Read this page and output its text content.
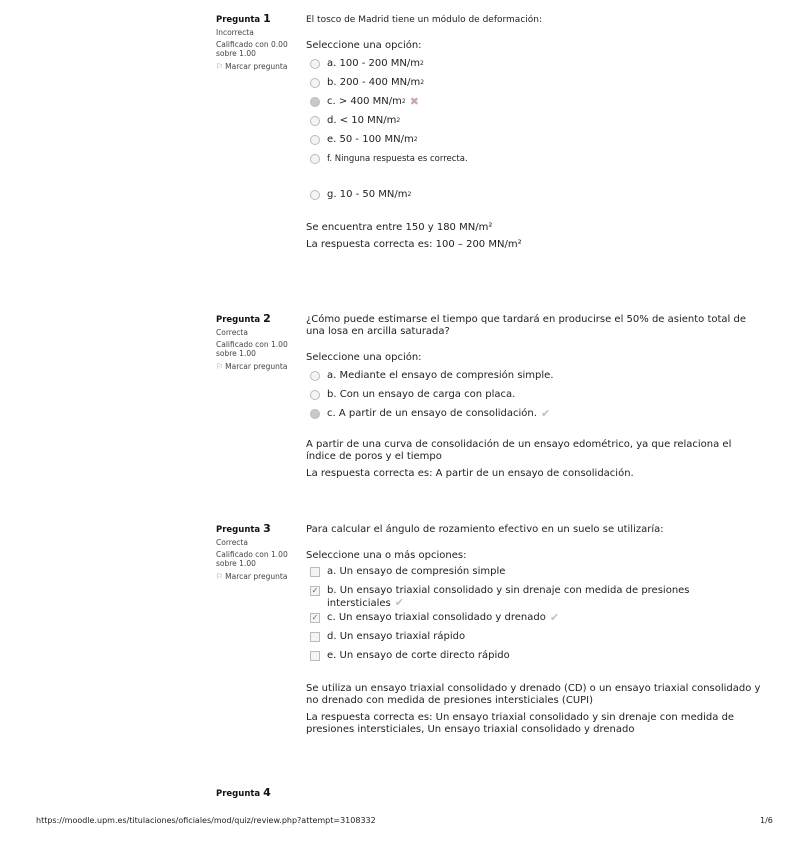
Pregunta 1
Incorrecta
Calificado con 0.00 sobre 1.00
⚐ Marcar pregunta
El tosco de Madrid tiene un módulo de deformación:
Seleccione una opción:
a. 100 - 200 MN/m 2
b. 200 - 400 MN/m 2
c. > 400 MN/m 2 ✖
d. < 10 MN/m 2
e. 50 - 100 MN/m 2
f. Ninguna respuesta es correcta.
g. 10 - 50 MN/m 2
Se encuentra entre 150 y 180 MN/m²
La respuesta correcta es: 100 – 200 MN/m²
Pregunta 2
Correcta
Calificado con 1.00 sobre 1.00
⚐ Marcar pregunta
¿Cómo puede estimarse el tiempo que tardará en producirse el 50% de asiento total de una losa en arcilla saturada?
Seleccione una opción:
a. Mediante el ensayo de compresión simple.
b. Con un ensayo de carga con placa.
c. A partir de un ensayo de consolidación. ✔
A partir de una curva de consolidación de un ensayo edométrico, ya que relaciona el índice de poros y el tiempo
La respuesta correcta es: A partir de un ensayo de consolidación.
Pregunta 3
Correcta
Calificado con 1.00 sobre 1.00
⚐ Marcar pregunta
Para calcular el ángulo de rozamiento efectivo en un suelo se utilizaría:
Seleccione una o más opciones:
a. Un ensayo de compresión simple
✓ b. Un ensayo triaxial consolidado y sin drenaje con medida de presiones intersticiales ✔
✓ c. Un ensayo triaxial consolidado y drenado ✔
d. Un ensayo triaxial rápido
e. Un ensayo de corte directo rápido
Se utiliza un ensayo triaxial consolidado y drenado (CD) o un ensayo triaxial consolidado y no drenado con medida de presiones intersticiales (CUPI)
La respuesta correcta es: Un ensayo triaxial consolidado y sin drenaje con medida de presiones intersticiales, Un ensayo triaxial consolidado y drenado
Pregunta 4
https://moodle.upm.es/titulaciones/oficiales/mod/quiz/review.php?attempt=3108332	1/6
